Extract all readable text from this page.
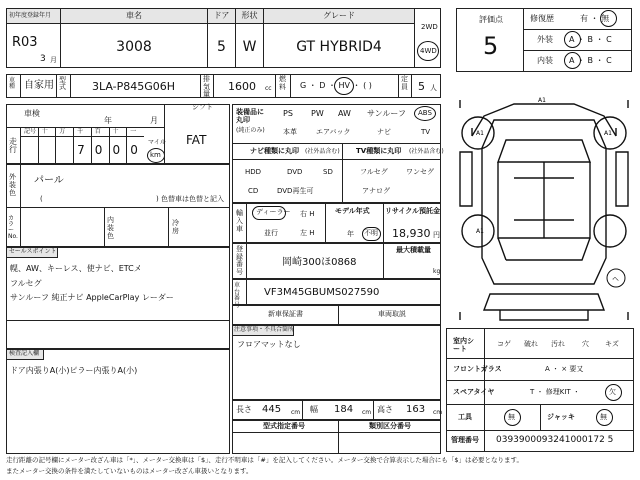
初年度登録年月
R03
3 月
車名
3008
ドア
5
形状
W
グレード
GT HYBRID4
2WD
4WD
車種 自家用 型式 3LA-P845G06H
排気量
1600 cc
燃料 G ・ D ・ HV ・ ( )
定員 5 人
評価点
5
修復歴	有 ・ 無
外装 A ・ B ・ C
内装 A ・ B ・ C
車検
年	月
走行
記号 十 万 千 百 十 一
7 0 0 0
マイル
km
シフト
FAT
装備品に丸印
(純正のみ)
PS PW AW サンルーフ ABS
本革	エアバック	ナビ	TV
ナビ種類に丸印 (社外品含む)
HDD	DVD	SD
CD	DVD再生可
TV種類に丸印 (社外品含む)
フルセグ	ワンセグ
アナログ
外装色
パール
(	) 色替車は色替と記入
カラーNo.
内装色
冷房
輸入車
ディーラー
並行
右 H
左 H
モデル年式
年 不明
リサイクル預託金
18,930 円
登録番号
岡崎300ほ0868
最大積載量
kg
車台番号
VF3M45GBUMS027590
セールスポイント
幌、AW、キーレス、使ナビ、ETCメ
フルセグ
サンルーフ 純正ナビ AppleCarPlay レーダー
検査記入欄
ドア内張りA(小)ピラー内張りA(小)
新車保証書	車両取説
注意事項・不具合箇所
フロアマットなし
長さ 445 cm 幅 184 cm 高さ 163 cm
型式指定番号	類別区分番号
A1
A1	A1
A1
ヘ
室内シート
コゲ 破れ 汚れ 穴 キズ
フロントガラス	A ・ × 要又
スペアタイヤ	T ・ 修理KIT ・	欠
工具	無	ジャッキ	無
管理番号 0393900093241000172 5
走行距離の記号欄にメーター改ざん車は「*」、メーター交換車は「$」、走行不明車は「#」を記入してください。メーター交換で合算表示した場合にも「$」は必要となります。
またメーター交換の条件を満たしていないものはメーター改ざん車扱いとなります。
